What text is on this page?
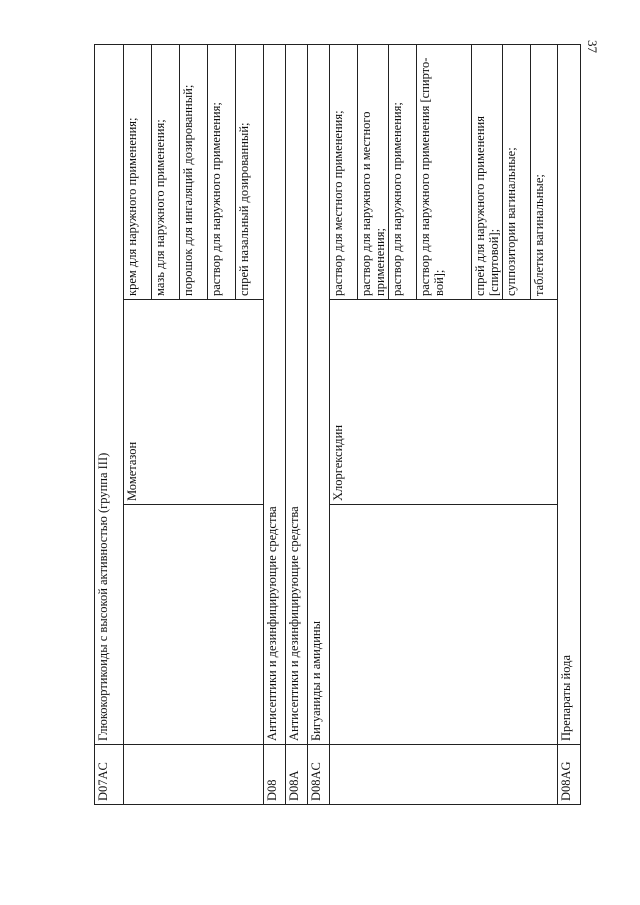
37
D07AC	Глюкокортикоиды с высокой активностью (группа III)		
		Мометазон	крем для наружного применения;
			мазь для наружного применения;
			порошок для ингаляций дозированный;
			раствор для наружного применения;
			спрей назальный дозированный;
D08	Антисептики и дезинфицирующие средства		
D08A	Антисептики и дезинфицирующие средства		
D08AC	Бигуаниды и амидины		
		Хлоргексидин	раствор для местного применения;
			раствор для наружного и местного применения;
			раствор для наружного применения;
			раствор для наружного применения [спирто-вой];
			спрей для наружного применения [спиртовой];
			суппозитории вагинальные;
			таблетки вагинальные;
D08AG	Препараты йода		
